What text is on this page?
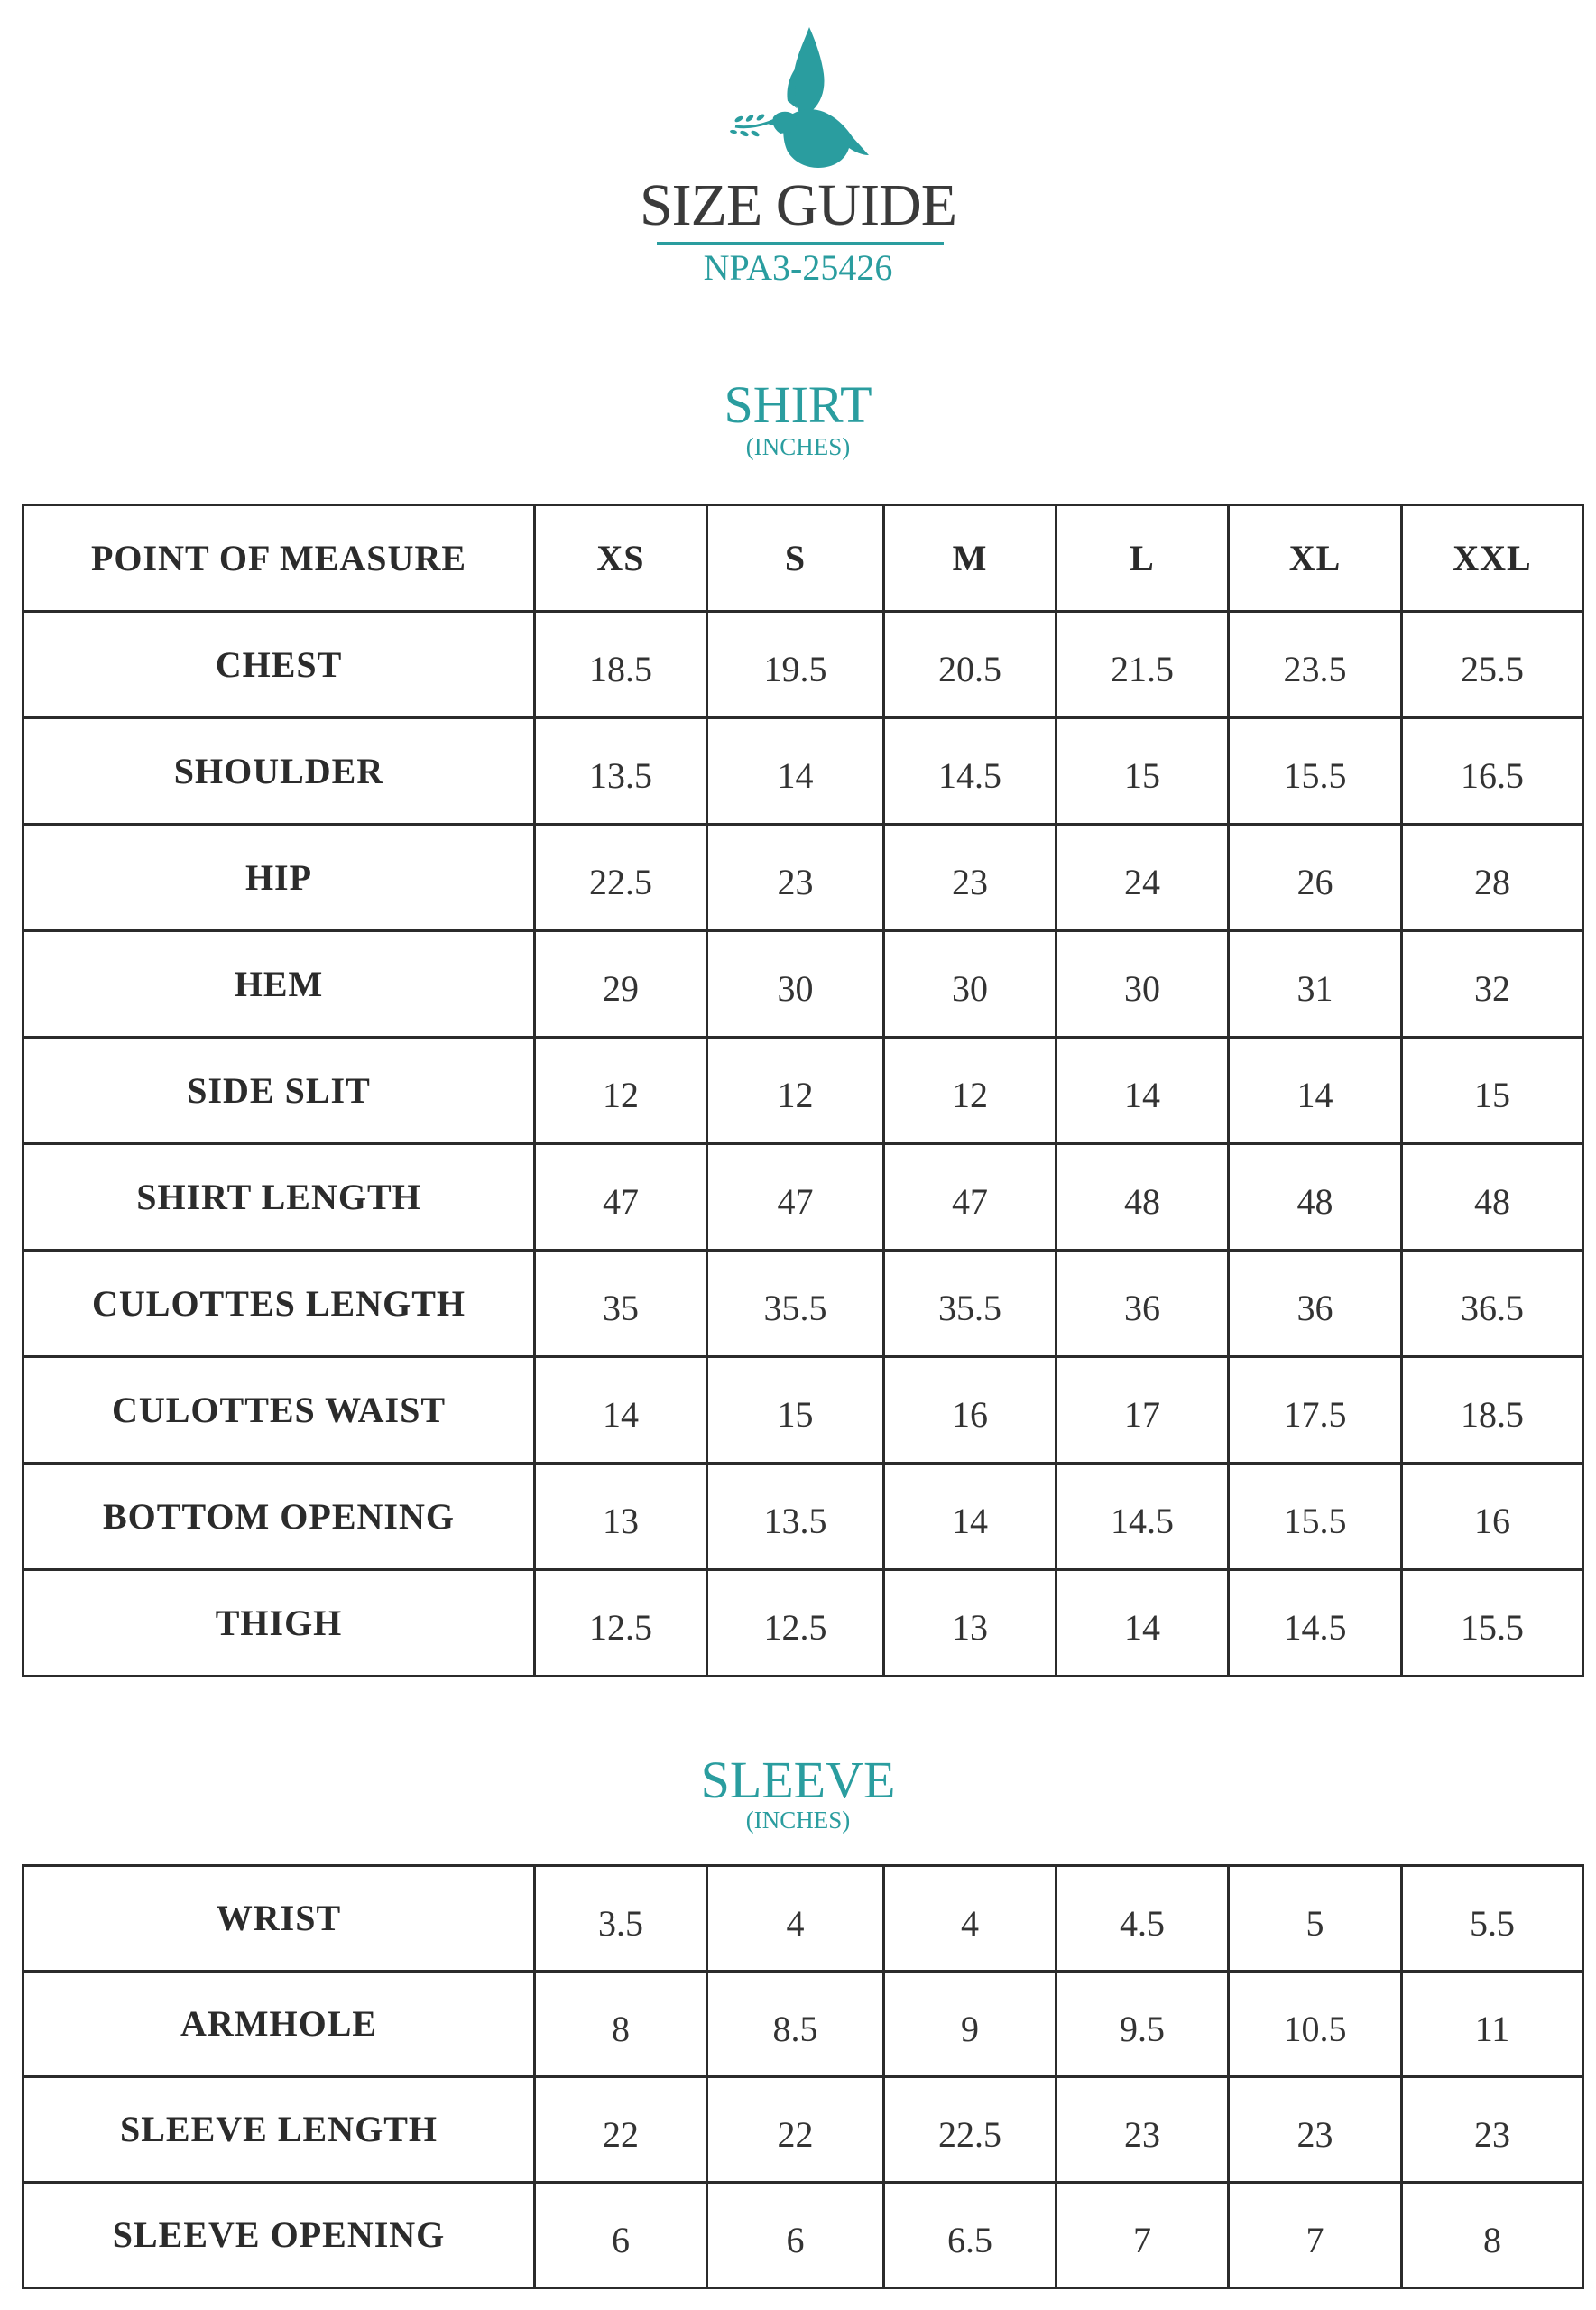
SIZE GUIDE
NPA3-25426
SHIRT
(INCHES)
POINT OF MEASURE	XS	S	M	L	XL	XXL
CHEST	18.5	19.5	20.5	21.5	23.5	25.5
SHOULDER	13.5	14	14.5	15	15.5	16.5
HIP	22.5	23	23	24	26	28
HEM	29	30	30	30	31	32
SIDE SLIT	12	12	12	14	14	15
SHIRT LENGTH	47	47	47	48	48	48
CULOTTES LENGTH	35	35.5	35.5	36	36	36.5
CULOTTES WAIST	14	15	16	17	17.5	18.5
BOTTOM OPENING	13	13.5	14	14.5	15.5	16
THIGH	12.5	12.5	13	14	14.5	15.5
SLEEVE
(INCHES)
WRIST	3.5	4	4	4.5	5	5.5
ARMHOLE	8	8.5	9	9.5	10.5	11
SLEEVE LENGTH	22	22	22.5	23	23	23
SLEEVE OPENING	6	6	6.5	7	7	8
